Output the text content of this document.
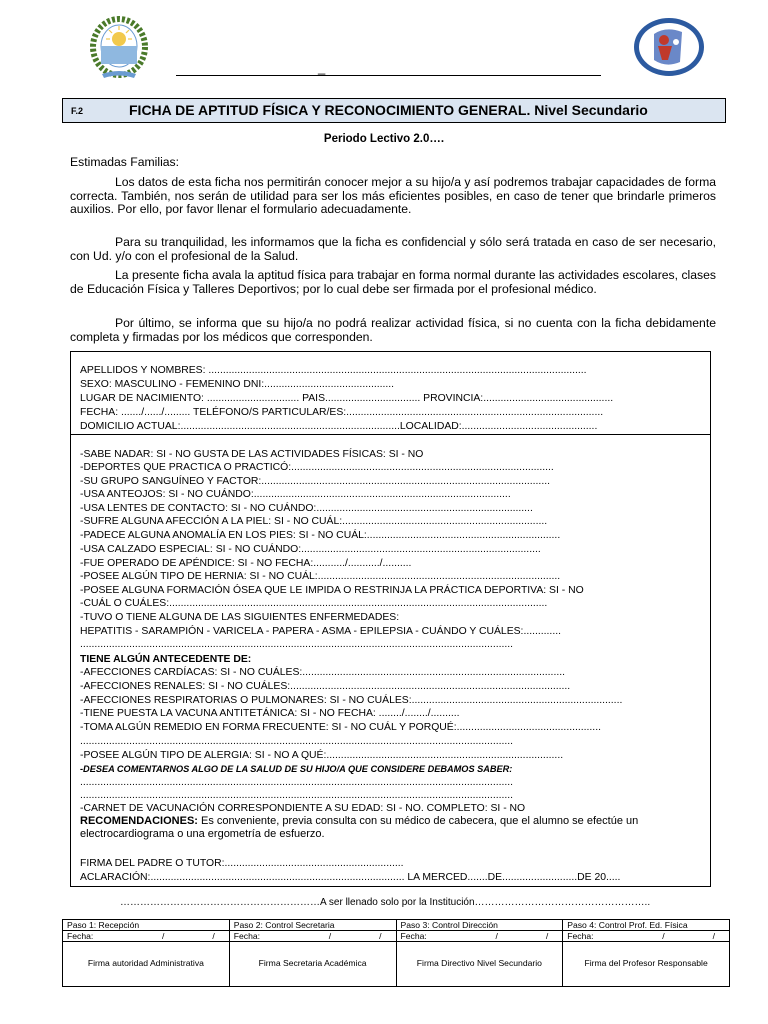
_
F.2	FICHA DE APTITUD FÍSICA Y RECONOCIMIENTO GENERAL. Nivel Secundario
Periodo Lectivo 2.0….
Estimadas Familias:
Los datos de esta ficha nos permitirán conocer mejor a su hijo/a y así podremos trabajar capacidades de forma correcta. También, nos serán de utilidad para ser los más eficientes posibles, en caso de tener que brindarle primeros auxilios. Por ello, por favor llenar el formulario adecuadamente.
Para su tranquilidad, les informamos que la ficha es confidencial y sólo será tratada en caso de ser necesario, con Ud. y/o con el profesional de la Salud.
La presente ficha avala la aptitud física para trabajar en forma normal durante las actividades escolares, clases de Educación Física y Talleres Deportivos; por lo cual debe ser firmada por el profesional médico.
Por último, se informa que su hijo/a no podrá realizar actividad física, si no cuenta con la ficha debidamente completa y firmadas por los médicos que corresponden.
APELLIDOS Y NOMBRES: ...................................................................................................................................
SEXO: MASCULINO - FEMENINO DNI:.............................................
LUGAR DE NACIMIENTO: ................................ PAIS................................. PROVINCIA:.............................................
FECHA: ......./....../......... TELÉFONO/S PARTICULAR/ES:.........................................................................................
DOMICILIO ACTUAL:............................................................................LOCALIDAD:...............................................
-SABE NADAR: SI - NO GUSTA DE LAS ACTIVIDADES FÍSICAS: SI - NO
-DEPORTES QUE PRACTICA O PRACTICÓ:...........................................................................................
-SU GRUPO SANGUÍNEO Y FACTOR:....................................................................................................
-USA ANTEOJOS: SI - NO CUÁNDO:.........................................................................................
-USA LENTES DE CONTACTO: SI - NO CUÁNDO:...........................................................................
-SUFRE ALGUNA AFECCIÓN A LA PIEL: SI - NO CUÁL:.......................................................................
-PADECE ALGUNA ANOMALÍA EN LOS PIES: SI - NO CUÁL:...................................................................
-USA CALZADO ESPECIAL: SI - NO CUÁNDO:...................................................................................
-FUE OPERADO DE APÉNDICE: SI - NO FECHA:.........../.........../..........
-POSEE ALGÚN TIPO DE HERNIA: SI - NO CUÁL:....................................................................................
-POSEE ALGUNA FORMACIÓN ÓSEA QUE LE IMPIDA O RESTRINJA LA PRÁCTICA DEPORTIVA: SI - NO
-CUÁL O CUÁLES:...................................................................................................................................
-TUVO O TIENE ALGUNA DE LAS SIGUIENTES ENFERMEDADES:
HEPATITIS - SARAMPIÓN - VARICELA - PAPERA - ASMA - EPILEPSIA - CUÁNDO Y CUÁLES:.............
......................................................................................................................................................
TIENE ALGÚN ANTECEDENTE DE:
-AFECCIONES CARDÍACAS: SI - NO CUÁLES:...........................................................................................
-AFECCIONES RENALES: SI - NO CUÁLES:.................................................................................................
-AFECCIONES RESPIRATORIAS O PULMONARES: SI - NO CUÁLES:.........................................................................
-TIENE PUESTA LA VACUNA ANTITETÁNICA: SI - NO FECHA: ......../......../..........
-TOMA ALGÚN REMEDIO EN FORMA FRECUENTE: SI - NO CUÁL Y PORQUÉ:..................................................
......................................................................................................................................................
-POSEE ALGÚN TIPO DE ALERGIA: SI - NO A QUÉ:..................................................................................
-DESEA COMENTARNOS ALGO DE LA SALUD DE SU HIJO/A QUE CONSIDERE DEBAMOS SABER:
......................................................................................................................................................
......................................................................................................................................................
-CARNET DE VACUNACIÓN CORRESPONDIENTE A SU EDAD: SI - NO. COMPLETO: SI - NO
RECOMENDACIONES: Es conveniente, previa consulta con su médico de cabecera, que el alumno se efectúe un electrocardiograma o una ergometría de esfuerzo.
FIRMA DEL PADRE O TUTOR:..............................................................
ACLARACIÓN:........................................................................................ LA MERCED.......DE..........................DE 20.....
……………………………………………………A ser llenado solo por la Institución……………………………………………..
Paso 1: Recepción	Paso 2: Control Secretaria	Paso 3: Control Dirección	Paso 4: Control Prof. Ed. Física

Fecha: / /	Fecha: / /	Fecha: / /	Fecha: / /

Firma autoridad Administrativa	Firma Secretaria Académica	Firma Directivo Nivel Secundario	Firma del Profesor Responsable
